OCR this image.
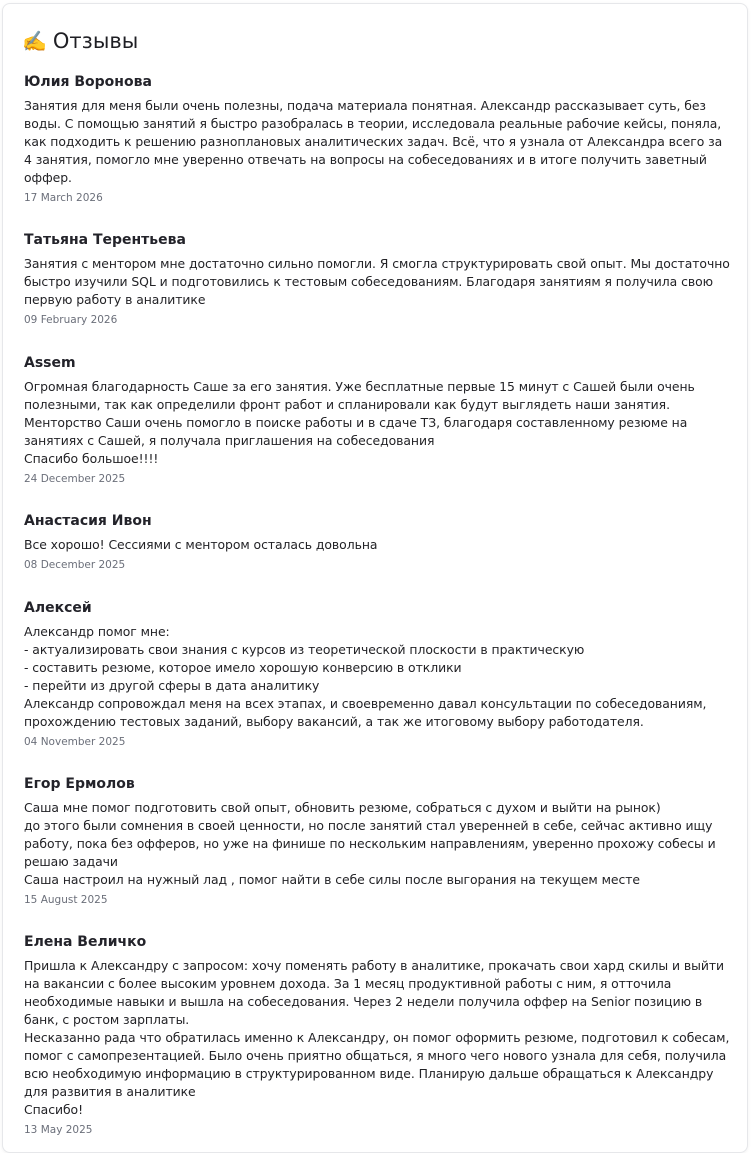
✍️ Отзывы
Юлия Воронова
Занятия для меня были очень полезны, подача материала понятная. Александр рассказывает суть, без воды. С помощью занятий я быстро разобралась в теории, исследовала реальные рабочие кейсы, поняла, как подходить к решению разноплановых аналитических задач. Всё, что я узнала от Александра всего за 4 занятия, помогло мне уверенно отвечать на вопросы на собеседованиях и в итоге получить заветный оффер.
17 March 2026
Татьяна Терентьева
Занятия с ментором мне достаточно сильно помогли. Я смогла структурировать свой опыт. Мы достаточно быстро изучили SQL и подготовились к тестовым собеседованиям. Благодаря занятиям я получила свою первую работу в аналитике
09 February 2026
Assem
Огромная благодарность Саше за его занятия. Уже бесплатные первые 15 минут с Сашей были очень полезными, так как определили фронт работ и спланировали как будут выглядеть наши занятия. Менторство Саши очень помогло в поиске работы и в сдаче ТЗ, благодаря составленному резюме на занятиях с Сашей, я получала приглашения на собеседования
Спасибо большое!!!!
24 December 2025
Анастасия Ивон
Все хорошо! Сессиями с ментором осталась довольна
08 December 2025
Алексей
Александр помог мне:
- актуализировать свои знания с курсов из теоретической плоскости в практическую
- составить резюме, которое имело хорошую конверсию в отклики
- перейти из другой сферы в дата аналитику
Александр сопровождал меня на всех этапах, и своевременно давал консультации по собеседованиям, прохождению тестовых заданий, выбору вакансий, а так же итоговому выбору работодателя.
04 November 2025
Егор Ермолов
Саша мне помог подготовить свой опыт, обновить резюме, собраться с духом и выйти на рынок)
до этого были сомнения в своей ценности, но после занятий стал уверенней в себе, сейчас активно ищу работу, пока без офферов, но уже на финише по нескольким направлениям, уверенно прохожу собесы и решаю задачи
Саша настроил на нужный лад , помог найти в себе силы после выгорания на текущем месте
15 August 2025
Елена Величко
Пришла к Александру с запросом: хочу поменять работу в аналитике, прокачать свои хард скилы и выйти на вакансии с более высоким уровнем дохода. За 1 месяц продуктивной работы с ним, я отточила необходимые навыки и вышла на собеседования. Через 2 недели получила оффер на Senior позицию в банк, с ростом зарплаты.
Несказанно рада что обратилась именно к Александру, он помог оформить резюме, подготовил к собесам, помог с самопрезентацией. Было очень приятно общаться, я много чего нового узнала для себя, получила всю необходимую информацию в структурированном виде. Планирую дальше обращаться к Александру для развития в аналитике
Спасибо!
13 May 2025
